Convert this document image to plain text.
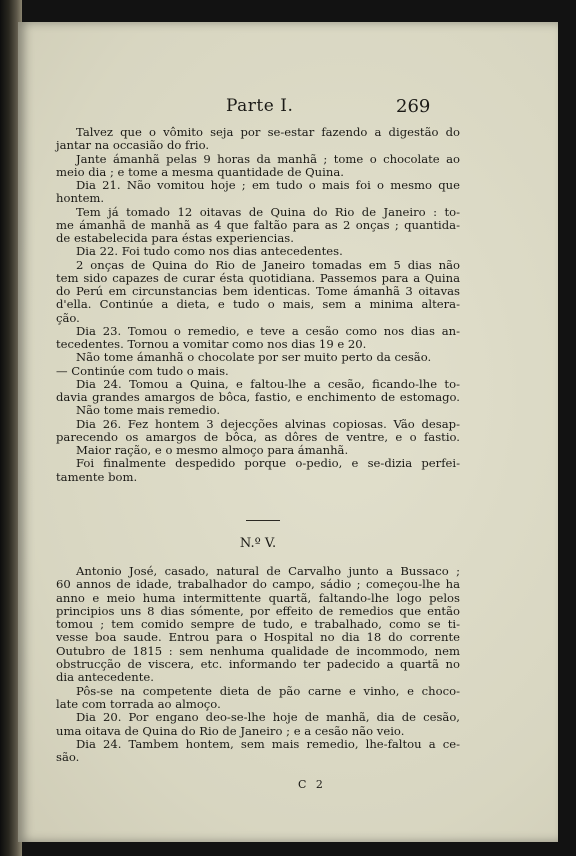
Parte I.	269
Talvez que o vômito seja por se-estar fazendo a digestão do
jantar na occasião do frio.
Jante ámanhã pelas 9 horas da manhã ; tome o chocolate ao
meio dia ; e tome a mesma quantidade de Quina.
Dia 21. Não vomitou hoje ; em tudo o mais foi o mesmo que
hontem.
Tem já tomado 12 oitavas de Quina do Rio de Janeiro : to-
me ámanhã de manhã as 4 que faltão para as 2 onças ; quantida-
de estabelecida para éstas experiencias.
Dia 22. Foi tudo como nos dias antecedentes.
2 onças de Quina do Rio de Janeiro tomadas em 5 dias não
tem sido capazes de curar ésta quotidiana. Passemos para a Quina
do Perú em circunstancias bem identicas. Tome ámanhã 3 oitavas
d'ella. Continúe a dieta, e tudo o mais, sem a minima altera-
ção.
Dia 23. Tomou o remedio, e teve a cesão como nos dias an-
tecedentes. Tornou a vomitar como nos dias 19 e 20.
Não tome ámanhã o chocolate por ser muito perto da cesão.
— Continúe com tudo o mais.
Dia 24. Tomou a Quina, e faltou-lhe a cesão, ficando-lhe to-
davia grandes amargos de bôca, fastio, e enchimento de estomago.
Não tome mais remedio.
Dia 26. Fez hontem 3 dejecções alvinas copiosas. Vão desap-
parecendo os amargos de bôca, as dôres de ventre, e o fastio.
Maior ração, e o mesmo almoço para ámanhã.
Foi finalmente despedido porque o-pedio, e se-dizia perfei-
tamente bom.
N.º V.
Antonio José, casado, natural de Carvalho junto a Bussaco ;
60 annos de idade, trabalhador do campo, sádio ; começou-lhe ha
anno e meio huma intermittente quartã, faltando-lhe logo pelos
principios uns 8 dias sómente, por effeito de remedios que então
tomou ; tem comido sempre de tudo, e trabalhado, como se ti-
vesse boa saude. Entrou para o Hospital no dia 18 do corrente
Outubro de 1815 : sem nenhuma qualidade de incommodo, nem
obstrucção de viscera, etc. informando ter padecido a quartã no
dia antecedente.
Pôs-se na competente dieta de pão carne e vinho, e choco-
late com torrada ao almoço.
Dia 20. Por engano deo-se-lhe hoje de manhã, dia de cesão,
uma oitava de Quina do Rio de Janeiro ; e a cesão não veio.
Dia 24. Tambem hontem, sem mais remedio, lhe-faltou a ce-
são.
C 2
